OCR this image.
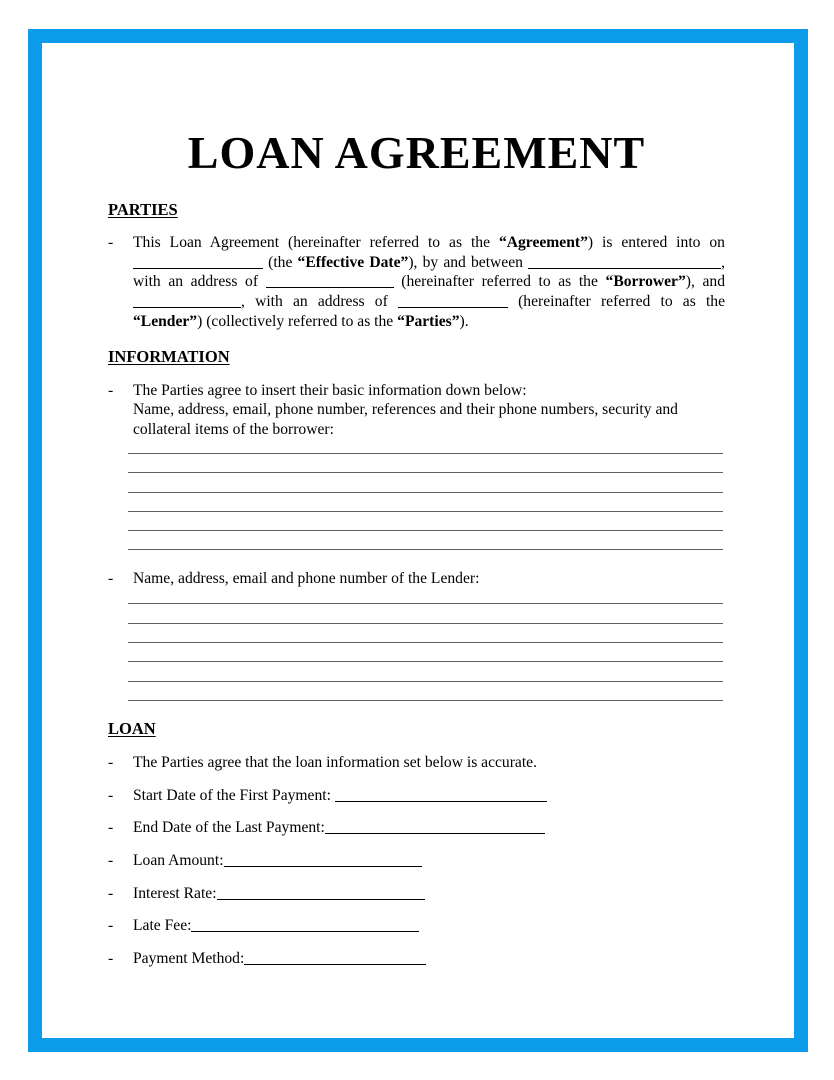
LOAN AGREEMENT
PARTIES
-	This Loan Agreement (hereinafter referred to as the “Agreement”) is entered into on
(the “Effective Date”), by and between	,
with an address of	(hereinafter referred to as the “Borrower”), and
, with an address of	(hereinafter referred to as the
“Lender”) (collectively referred to as the “Parties”).
INFORMATION
-	The Parties agree to insert their basic information down below:
Name, address, email, phone number, references and their phone numbers, security and
collateral items of the borrower:
-	Name, address, email and phone number of the Lender:
LOAN
-	The Parties agree that the loan information set below is accurate.
-	Start Date of the First Payment:
-	End Date of the Last Payment:
-	Loan Amount:
-	Interest Rate:
-	Late Fee:
-	Payment Method:
